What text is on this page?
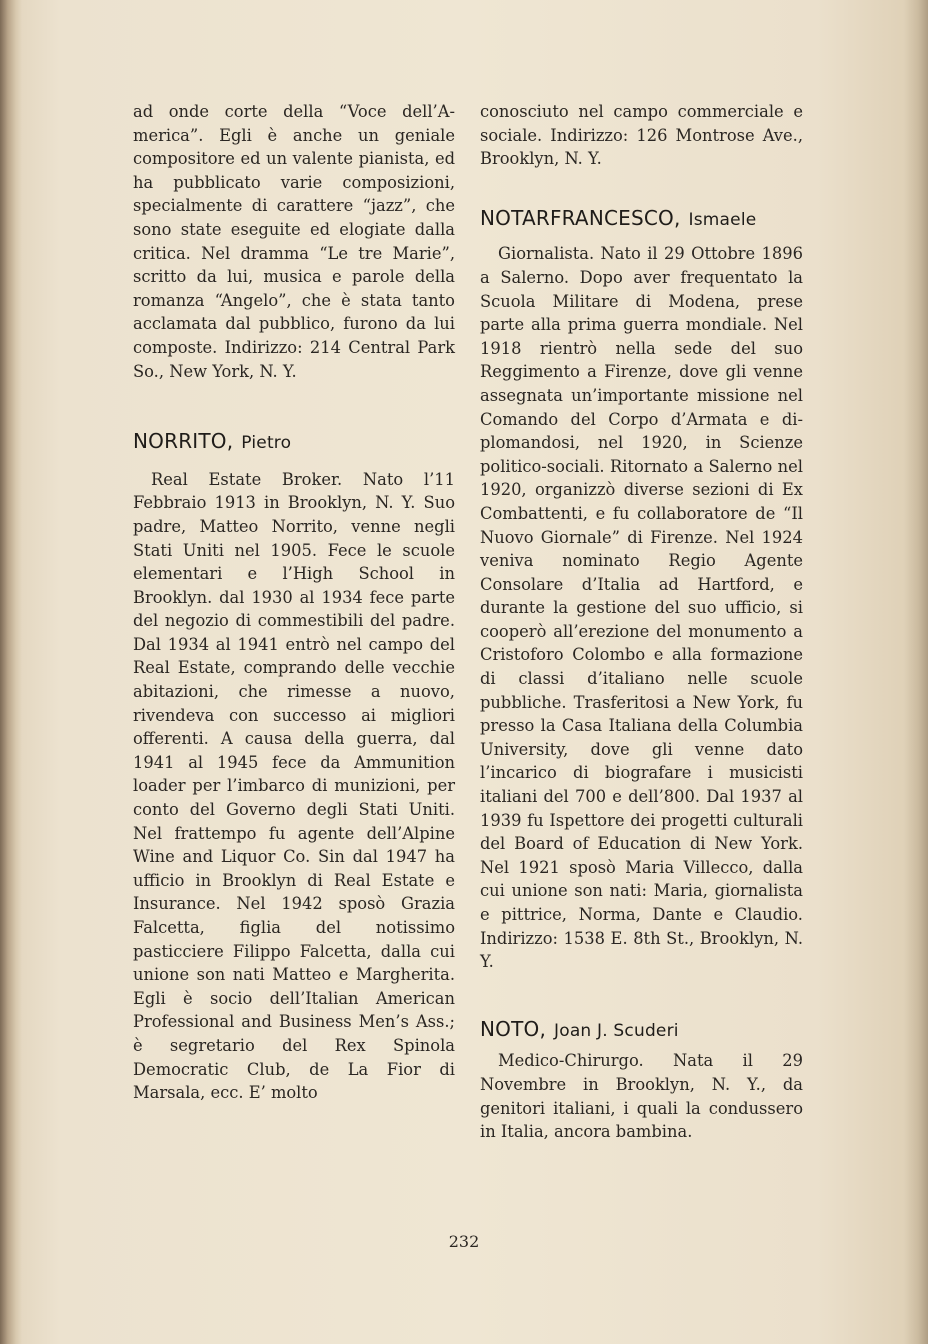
ad onde corte della “Voce dell’America”. Egli è anche un geniale compositore ed un valente pianista, ed ha pubblicato varie composizioni, specialmente di carattere “jazz”, che sono state eseguite ed elogiate dalla critica. Nel dramma “Le tre Marie”, scritto da lui, musica e parole della romanza “Angelo”, che è stata tanto acclamata dal pubblico, furono da lui composte. Indirizzo: 214 Central Park So., New York, N. Y.

NORRITO, Pietro

Real Estate Broker. Nato l’11 Febbraio 1913 in Brooklyn, N. Y. Suo padre, Matteo Norrito, venne negli Stati Uniti nel 1905. Fece le scuole elementari e l’High School in Brooklyn. dal 1930 al 1934 fece parte del negozio di commestibili del padre. Dal 1934 al 1941 entrò nel campo del Real Estate, comprando delle vecchie abitazioni, che rimesse a nuovo, rivendeva con successo ai migliori offerenti. A causa della guerra, dal 1941 al 1945 fece da Ammunition loader per l’imbarco di munizioni, per conto del Governo degli Stati Uniti. Nel frattempo fu agente dell’Alpine Wine and Liquor Co. Sin dal 1947 ha ufficio in Brooklyn di Real Estate e Insurance. Nel 1942 sposò Grazia Falcetta, figlia del notissimo pasticciere Filippo Falcetta, dalla cui unione son nati Matteo e Margherita. Egli è socio dell’Italian American Professional and Business Men’s Ass.; è segretario del Rex Spinola Democratic Club, de La Fior di Marsala, ecc. E’ molto

conosciuto nel campo commerciale e sociale. Indirizzo: 126 Montrose Ave., Brooklyn, N. Y.

NOTARFRANCESCO, Ismaele

Giornalista. Nato il 29 Ottobre 1896 a Salerno. Dopo aver frequentato la Scuola Militare di Modena, prese parte alla prima guerra mondiale. Nel 1918 rientrò nella sede del suo Reggimento a Firenze, dove gli venne assegnata un’importante missione nel Comando del Corpo d’Armata e diplomandosi, nel 1920, in Scienze politico-sociali. Ritornato a Salerno nel 1920, organizzò diverse sezioni di Ex Combattenti, e fu collaboratore de “Il Nuovo Giornale” di Firenze. Nel 1924 veniva nominato Regio Agente Consolare d’Italia ad Hartford, e durante la gestione del suo ufficio, si cooperò all’erezione del monumento a Cristoforo Colombo e alla formazione di classi d’italiano nelle scuole pubbliche. Trasferitosi a New York, fu presso la Casa Italiana della Columbia University, dove gli venne dato l’incarico di biografare i musicisti italiani del 700 e dell’800. Dal 1937 al 1939 fu Ispettore dei progetti culturali del Board of Education di New York. Nel 1921 sposò Maria Villecco, dalla cui unione son nati: Maria, giornalista e pittrice, Norma, Dante e Claudio. Indirizzo: 1538 E. 8th St., Brooklyn, N. Y.

NOTO, Joan J. Scuderi

Medico-Chirurgo. Nata il 29 Novembre in Brooklyn, N. Y., da genitori italiani, i quali la condussero in Italia, ancora bambina.

232
